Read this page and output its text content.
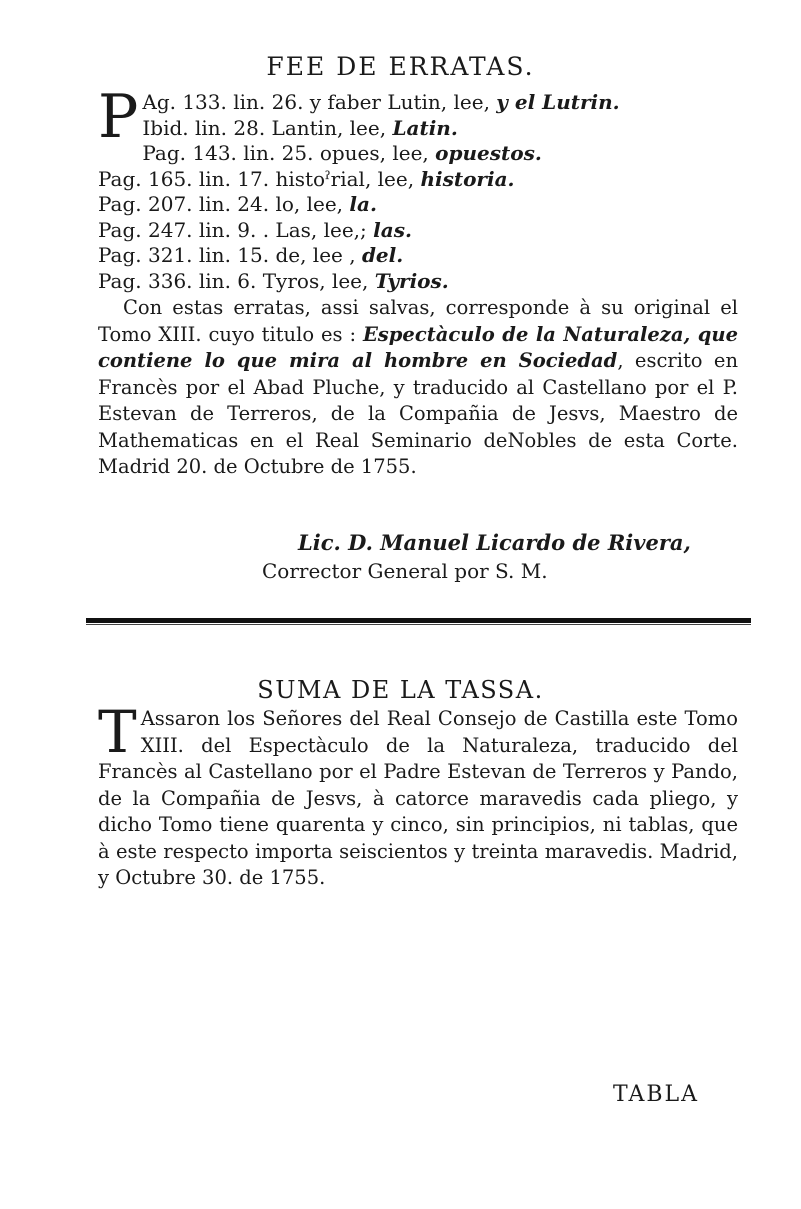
FEE DE ERRATAS.
P Ag. 133. lin. 26. y faber Lutin, lee, y el Lutrin.
Ibid. lin. 28. Lantin, lee, Latin.
Pag. 143. lin. 25. opues, lee, opuestos.
Pag. 165. lin. 17. histoˀrial, lee, historia.
Pag. 207. lin. 24. lo, lee, la.
Pag. 247. lin. 9. . Las, lee,; las.
Pag. 321. lin. 15. de, lee , del.
Pag. 336. lin. 6. Tyros, lee, Tyrios.
Con estas erratas, assi salvas, corresponde à su original el Tomo XIII. cuyo titulo es : Espectàculo de la Naturaleza, que contiene lo que mira al hombre en Sociedad, escrito en Francès por el Abad Pluche, y traducido al Castellano por el P. Estevan de Terreros, de la Compañia de Jesvs, Maestro de Mathematicas en el Real Seminario deNobles de esta Corte. Madrid 20. de Octubre de 1755.
Lic. D. Manuel Licardo de Rivera,
Corrector General por S. M.
SUMA DE LA TASSA.
T Assaron los Señores del Real Consejo de Castilla este Tomo XIII. del Espectàculo de la Naturaleza, traducido del Francès al Castellano por el Padre Estevan de Terreros y Pando, de la Compañia de Jesvs, à catorce maravedis cada pliego, y dicho Tomo tiene quarenta y cinco, sin principios, ni tablas, que à este respecto importa seiscientos y treinta maravedis. Madrid, y Octubre 30. de 1755.
TABLA
